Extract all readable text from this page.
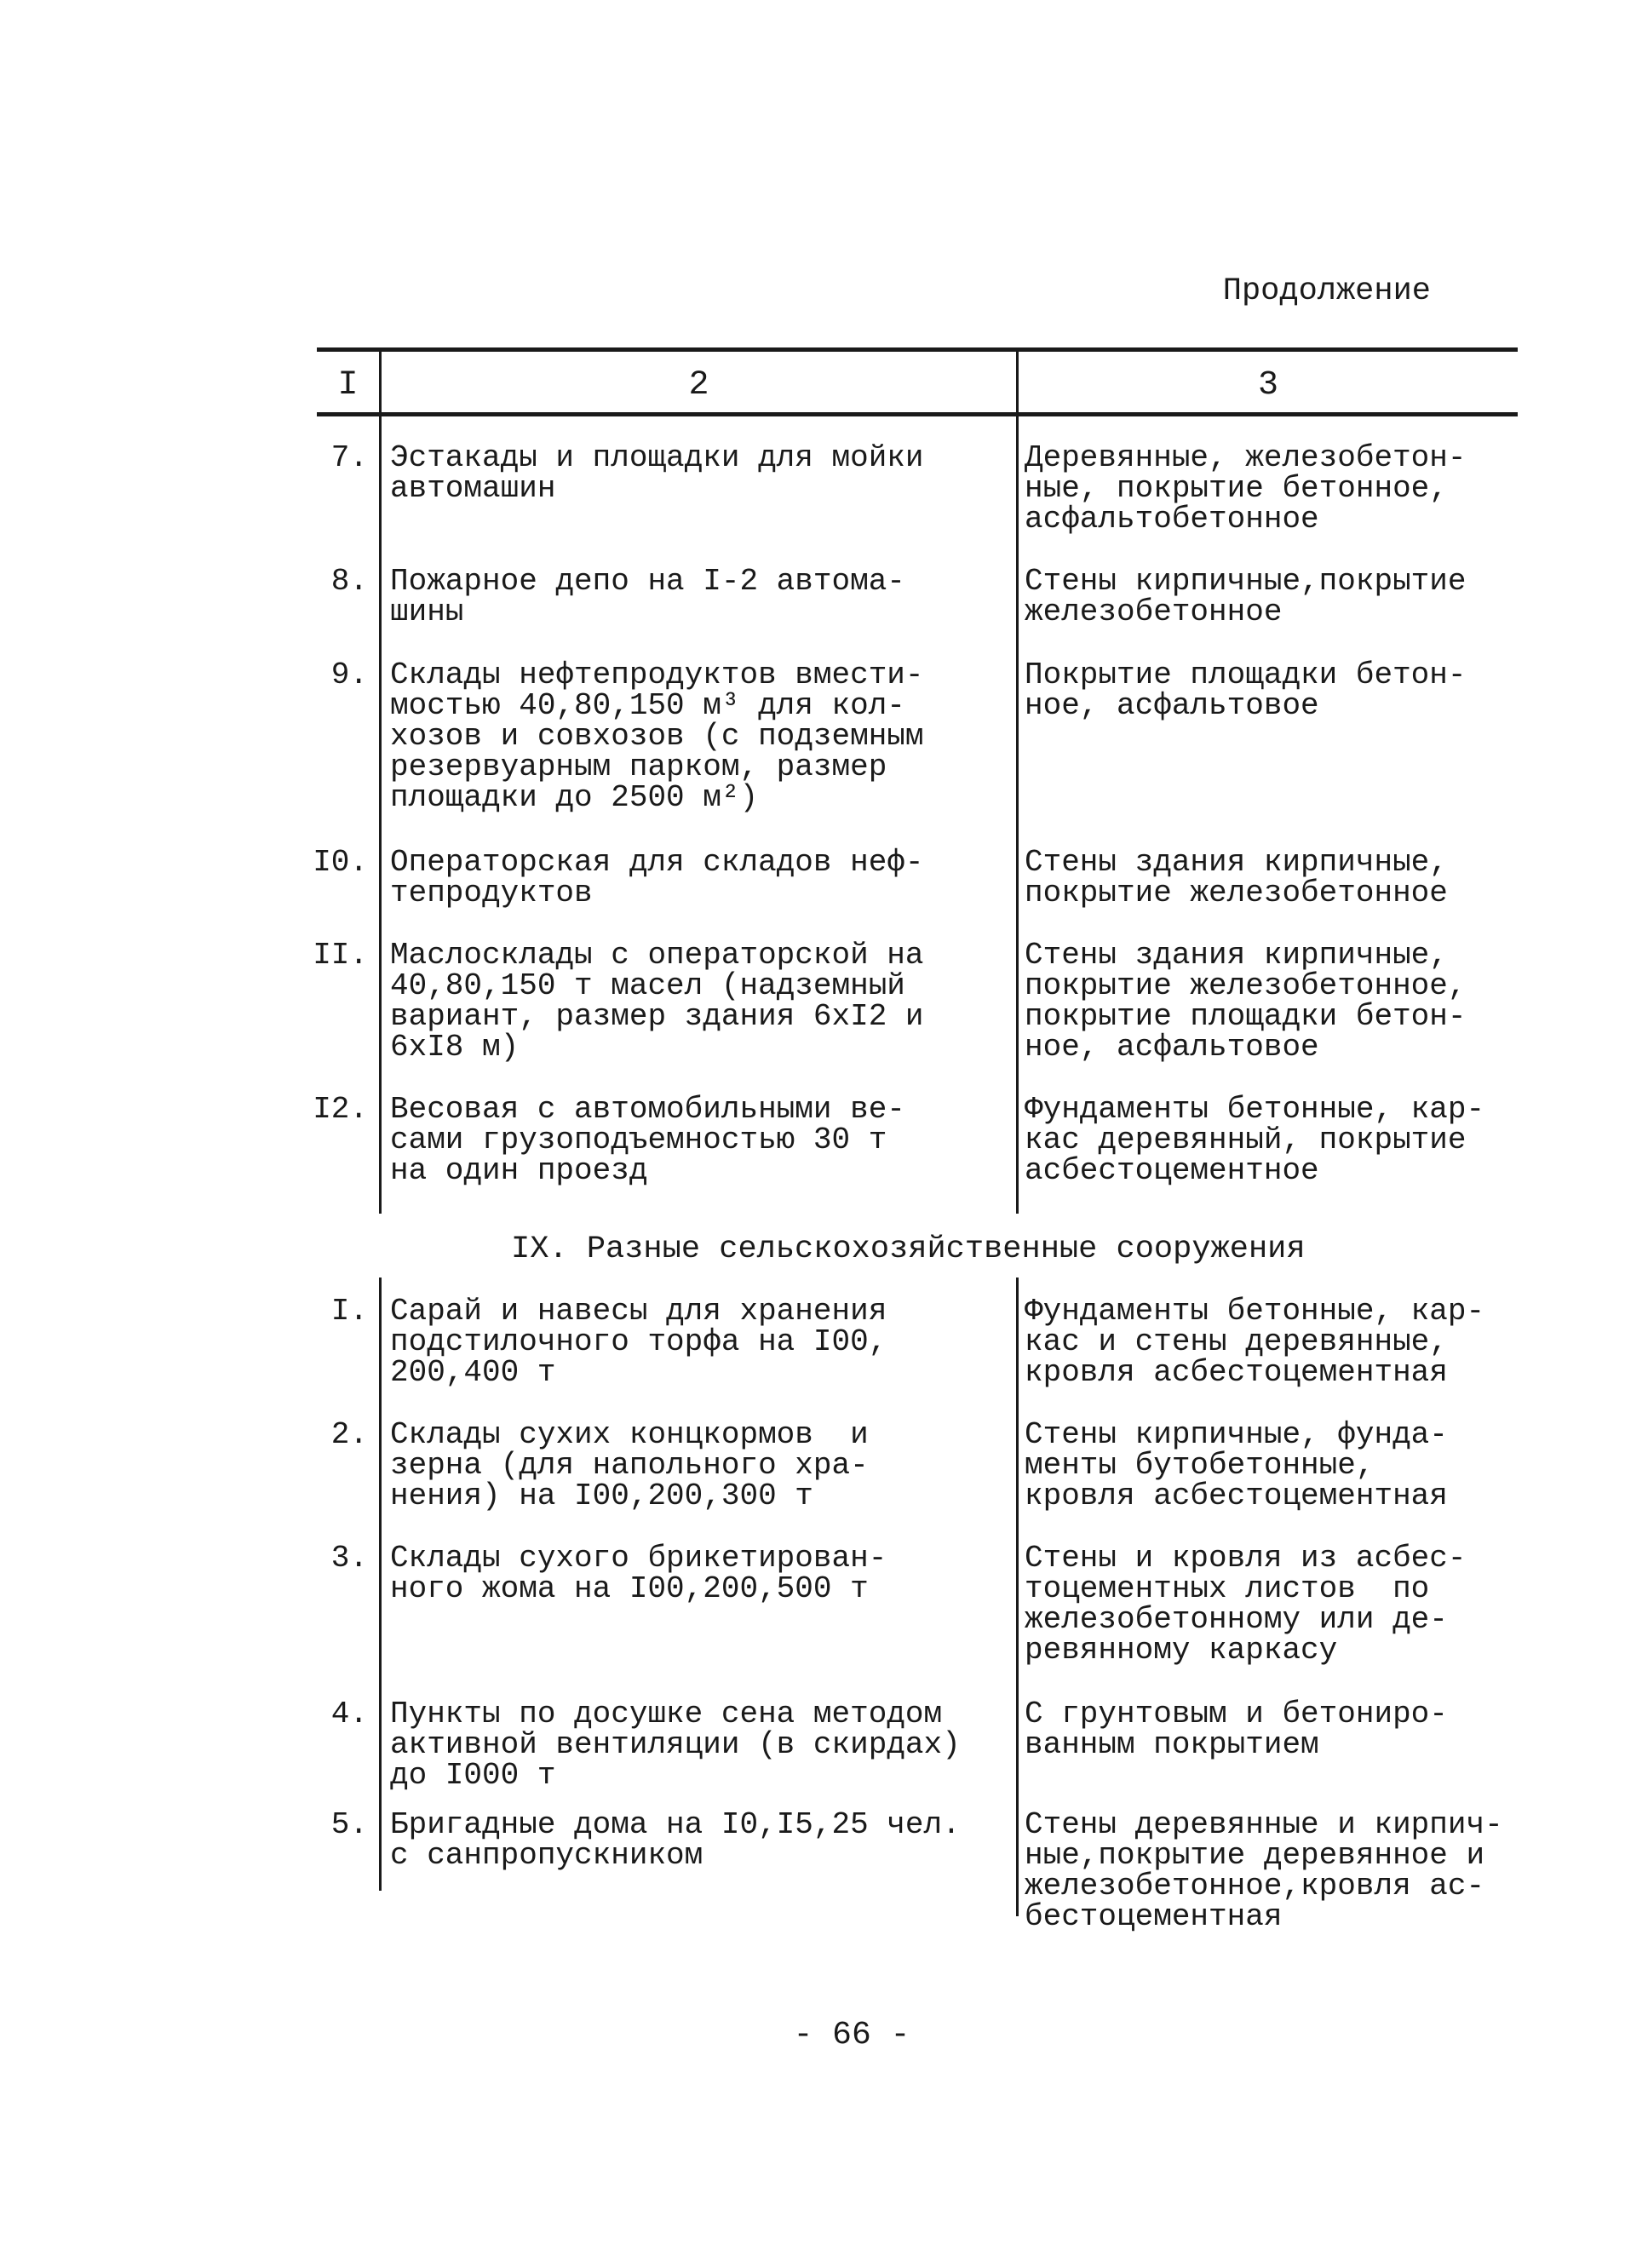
Продолжение
I	2	3
7. Эстакады и площадки для мойки
автомашин
Деревянные, железобетон-
ные, покрытие бетонное,
асфальтобетонное
8. Пожарное депо на I-2 автома-
шины
Стены кирпичные,покрытие
железобетонное
9. Склады нефтепродуктов вмести-
мостью 40,80,150 м³ для кол-
хозов и совхозов (с подземным
резервуарным парком, размер
площадки до 2500 м²)
Покрытие площадки бетон-
ное, асфальтовое
I0. Операторская для складов неф-
тепродуктов
Стены здания кирпичные,
покрытие железобетонное
II. Маслосклады с операторской на
40,80,150 т масел (надземный
вариант, размер здания 6xI2 и
6xI8 м)
Стены здания кирпичные,
покрытие железобетонное,
покрытие площадки бетон-
ное, асфальтовое
I2. Весовая с автомобильными ве-
сами грузоподъемностью 30 т
на один проезд
Фундаменты бетонные, кар-
кас деревянный, покрытие
асбестоцементное
IX. Разные сельскохозяйственные сооружения
I. Сарай и навесы для хранения
подстилочного торфа на I00,
200,400 т
Фундаменты бетонные, кар-
кас и стены деревянные,
кровля асбестоцементная
2. Склады сухих концкормов  и
зерна (для напольного хра-
нения) на I00,200,300 т
Стены кирпичные, фунда-
менты бутобетонные,
кровля асбестоцементная
3. Склады сухого брикетирован-
ного жома на I00,200,500 т
Стены и кровля из асбес-
тоцементных листов  по
железобетонному или де-
ревянному каркасу
4. Пункты по досушке сена методом
активной вентиляции (в скирдах)
до I000 т
С грунтовым и бетониро-
ванным покрытием
5. Бригадные дома на I0,I5,25 чел.
с санпропускником
Стены деревянные и кирпич-
ные,покрытие деревянное и
железобетонное,кровля ас-
бестоцементная
- 66 -
